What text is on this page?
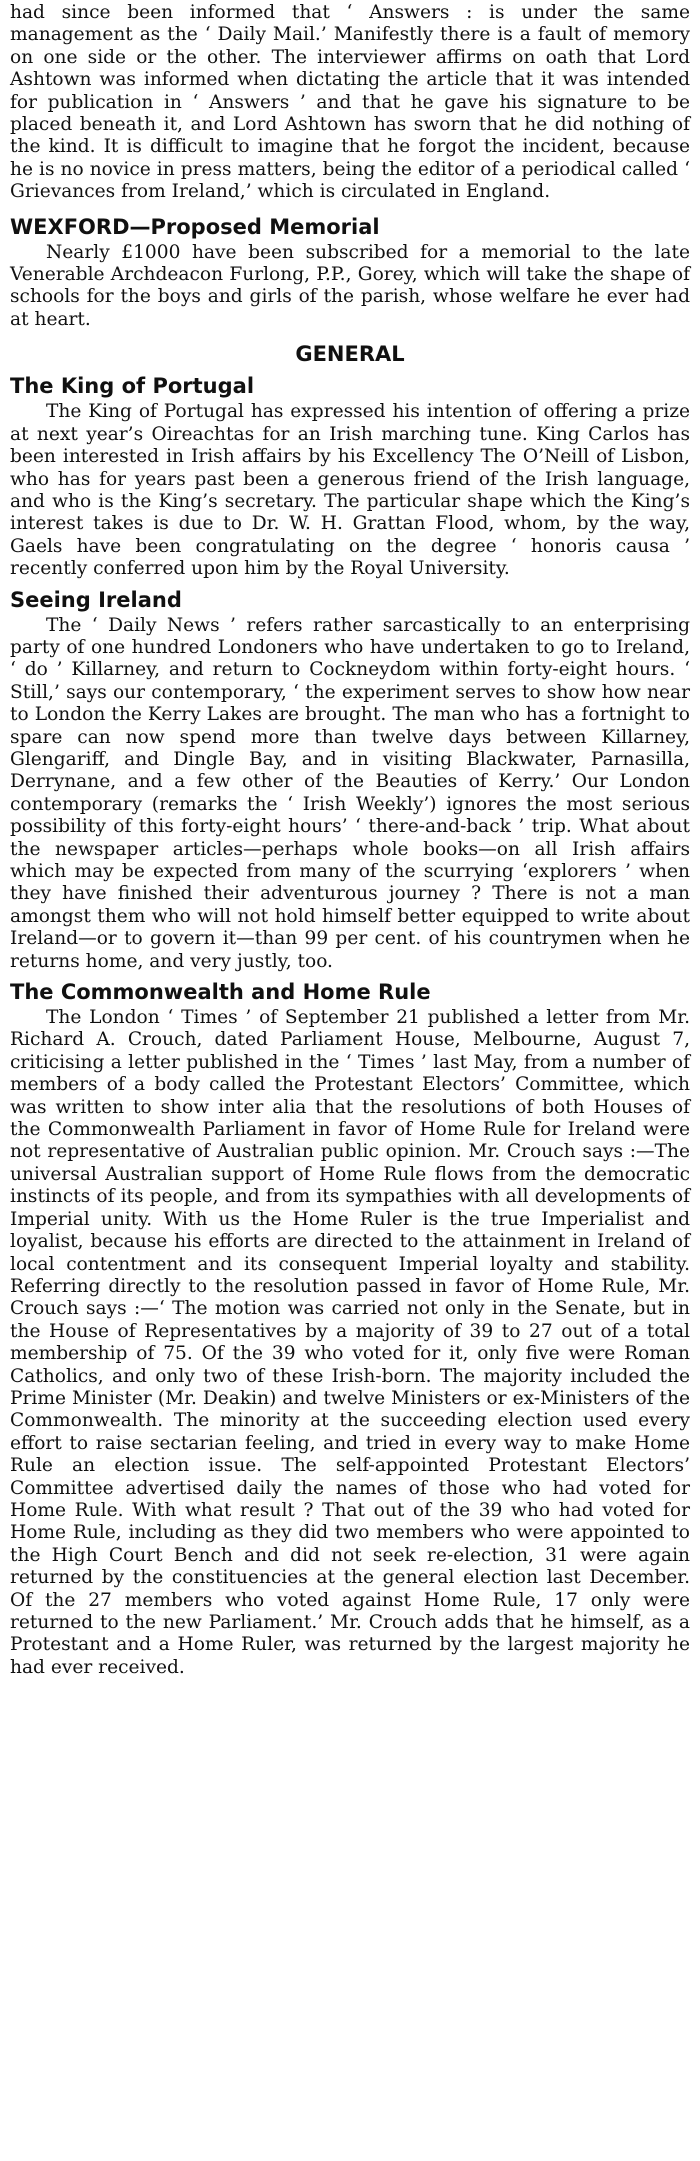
had since been informed that ‘ Answers : is under the same management as the ‘ Daily Mail.’ Manifestly there is a fault of memory on one side or the other. The interviewer affirms on oath that Lord Ashtown was informed when dictating the article that it was intended for publication in ‘ Answers ’ and that he gave his signature to be placed beneath it, and Lord Ashtown has sworn that he did nothing of the kind. It is difficult to imagine that he forgot the incident, because he is no novice in press matters, being the editor of a periodical called ‘ Grievances from Ireland,’ which is circulated in England.

WEXFORD—Proposed Memorial

Nearly £1000 have been subscribed for a memorial to the late Venerable Archdeacon Furlong, P.P., Gorey, which will take the shape of schools for the boys and girls of the parish, whose welfare he ever had at heart.

GENERAL
The King of Portugal

The King of Portugal has expressed his intention of offering a prize at next year’s Oireachtas for an Irish marching tune. King Carlos has been interested in Irish affairs by his Excellency The O’Neill of Lisbon, who has for years past been a generous friend of the Irish language, and who is the King’s secretary. The particular shape which the King’s interest takes is due to Dr. W. H. Grattan Flood, whom, by the way, Gaels have been congratulating on the degree ‘ honoris causa ’ recently conferred upon him by the Royal University.

Seeing Ireland

The ‘ Daily News ’ refers rather sarcastically to an enterprising party of one hundred Londoners who have undertaken to go to Ireland, ‘ do ’ Killarney, and return to Cockneydom within forty-eight hours. ‘ Still,’ says our contemporary, ‘ the experiment serves to show how near to London the Kerry Lakes are brought. The man who has a fortnight to spare can now spend more than twelve days between Killarney, Glengariff, and Dingle Bay, and in visiting Blackwater, Parnasilla, Derrynane, and a few other of the Beauties of Kerry.’ Our London contemporary (remarks the ‘ Irish Weekly’) ignores the most serious possibility of this forty-eight hours’ ‘ there-and-back ’ trip. What about the newspaper articles—perhaps whole books—on all Irish affairs which may be expected from many of the scurrying ‘explorers ’ when they have finished their adventurous journey ? There is not a man amongst them who will not hold himself better equipped to write about Ireland—or to govern it—than 99 per cent. of his countrymen when he returns home, and very justly, too.

The Commonwealth and Home Rule

The London ‘ Times ’ of September 21 published a letter from Mr. Richard A. Crouch, dated Parliament House, Melbourne, August 7, criticising a letter published in the ‘ Times ’ last May, from a number of members of a body called the Protestant Electors’ Committee, which was written to show inter alia that the resolutions of both Houses of the Commonwealth Parliament in favor of Home Rule for Ireland were not representative of Australian public opinion. Mr. Crouch says :—The universal Australian support of Home Rule flows from the democratic instincts of its people, and from its sympathies with all developments of Imperial unity. With us the Home Ruler is the true Imperialist and loyalist, because his efforts are directed to the attainment in Ireland of local contentment and its consequent Imperial loyalty and stability. Referring directly to the resolution passed in favor of Home Rule, Mr. Crouch says :—‘ The motion was carried not only in the Senate, but in the House of Representatives by a majority of 39 to 27 out of a total membership of 75. Of the 39 who voted for it, only five were Roman Catholics, and only two of these Irish-born. The majority included the Prime Minister (Mr. Deakin) and twelve Ministers or ex-Ministers of the Commonwealth. The minority at the succeeding election used every effort to raise sectarian feeling, and tried in every way to make Home Rule an election issue. The self-appointed Protestant Electors’ Committee advertised daily the names of those who had voted for Home Rule. With what result ? That out of the 39 who had voted for Home Rule, including as they did two members who were appointed to the High Court Bench and did not seek re-election, 31 were again returned by the constituencies at the general election last December. Of the 27 members who voted against Home Rule, 17 only were returned to the new Parliament.’ Mr. Crouch adds that he himself, as a Protestant and a Home Ruler, was returned by the largest majority he had ever received.
